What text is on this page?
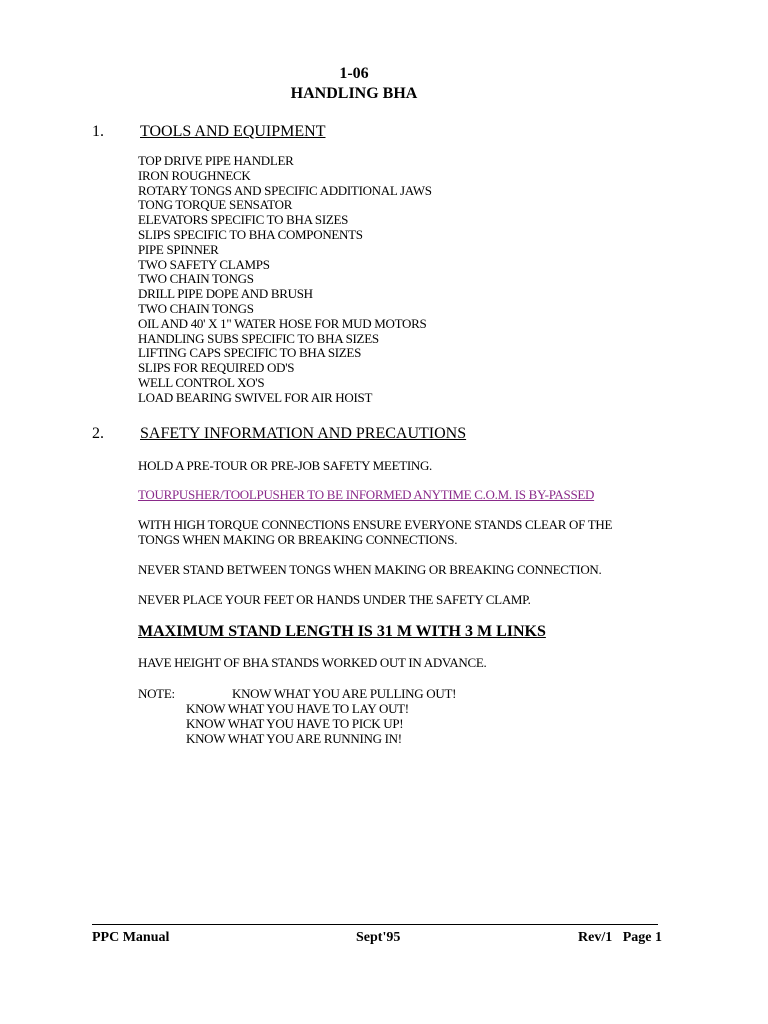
1-06
HANDLING BHA
1. TOOLS AND EQUIPMENT
TOP DRIVE PIPE HANDLER
IRON ROUGHNECK
ROTARY TONGS AND SPECIFIC ADDITIONAL JAWS
TONG TORQUE SENSATOR
ELEVATORS SPECIFIC TO BHA SIZES
SLIPS SPECIFIC TO BHA COMPONENTS
PIPE SPINNER
TWO SAFETY CLAMPS
TWO CHAIN TONGS
DRILL PIPE DOPE AND BRUSH
TWO CHAIN TONGS
OIL AND 40' X 1" WATER HOSE FOR MUD MOTORS
HANDLING SUBS SPECIFIC TO BHA SIZES
LIFTING CAPS SPECIFIC TO BHA SIZES
SLIPS FOR REQUIRED OD'S
WELL CONTROL XO'S
LOAD BEARING SWIVEL FOR AIR HOIST
2. SAFETY INFORMATION AND PRECAUTIONS
HOLD A PRE-TOUR OR PRE-JOB SAFETY MEETING.
TOURPUSHER/TOOLPUSHER TO BE INFORMED ANYTIME C.O.M. IS BY-PASSED
WITH HIGH TORQUE CONNECTIONS ENSURE EVERYONE STANDS CLEAR OF THE
TONGS WHEN MAKING OR BREAKING CONNECTIONS.
NEVER STAND BETWEEN TONGS WHEN MAKING OR BREAKING CONNECTION.
NEVER PLACE YOUR FEET OR HANDS UNDER THE SAFETY CLAMP.
MAXIMUM STAND LENGTH IS 31 M WITH 3 M LINKS
HAVE HEIGHT OF BHA STANDS WORKED OUT IN ADVANCE.
NOTE:	KNOW WHAT YOU ARE PULLING OUT!
KNOW WHAT YOU HAVE TO LAY OUT!
KNOW WHAT YOU HAVE TO PICK UP!
KNOW WHAT YOU ARE RUNNING IN!
PPC Manual	Sept'95	Rev/1   Page 1
